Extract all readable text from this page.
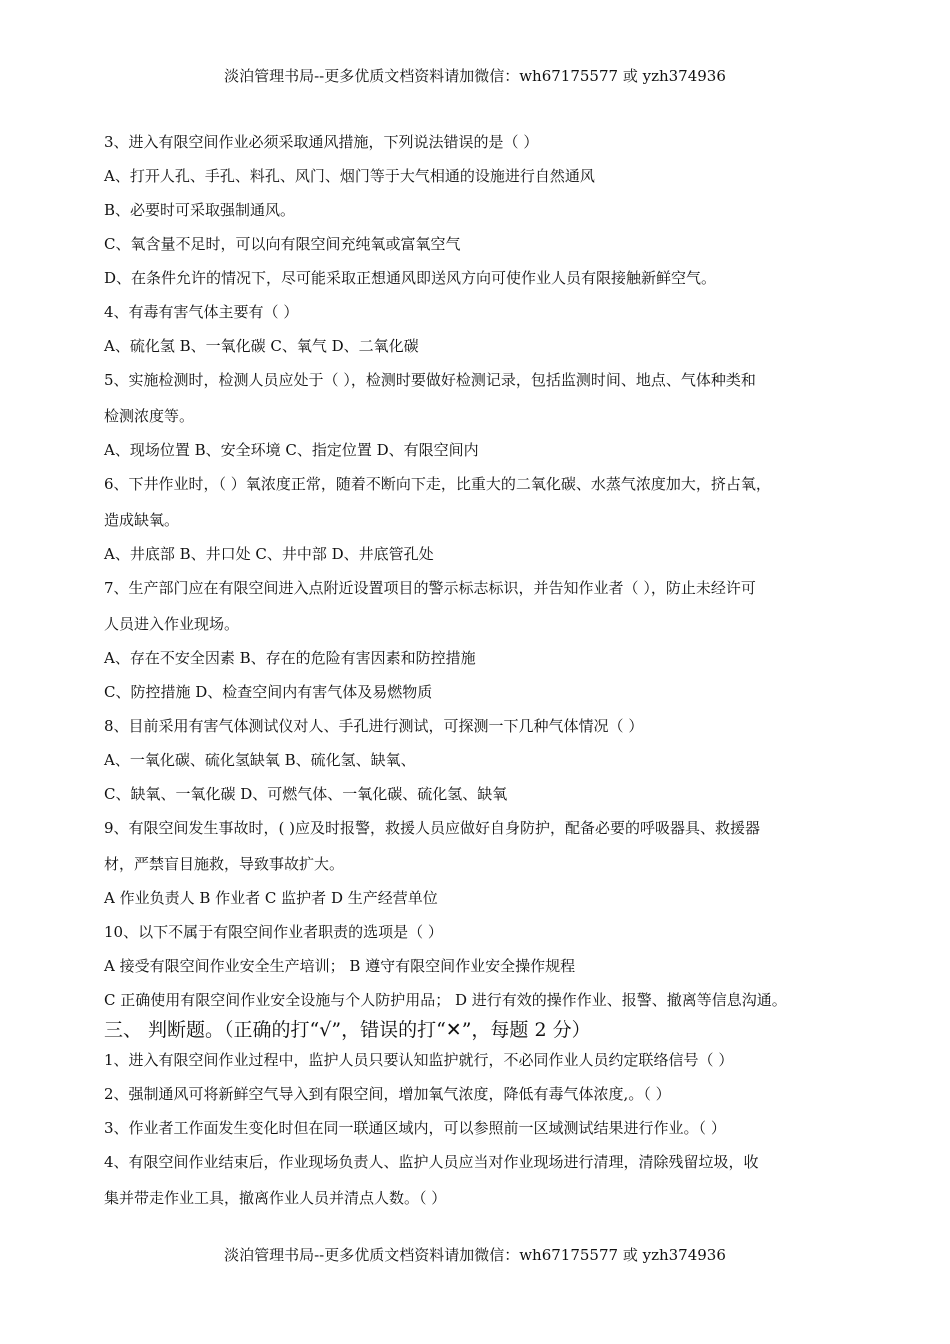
淡泊管理书局--更多优质文档资料请加微信：wh67175577 或 yzh374936
3、进入有限空间作业必须采取通风措施，下列说法错误的是（ ）
A、打开人孔、手孔、料孔、风门、烟门等于大气相通的设施进行自然通风
B、必要时可采取强制通风。
C、氧含量不足时，可以向有限空间充纯氧或富氧空气
D、在条件允许的情况下，尽可能采取正想通风即送风方向可使作业人员有限接触新鲜空气。
4、有毒有害气体主要有（ ）
A、硫化氢 B、一氧化碳 C、氧气 D、二氧化碳
5、实施检测时，检测人员应处于（ ），检测时要做好检测记录，包括监测时间、地点、气体种类和
检测浓度等。
A、现场位置 B、安全环境 C、指定位置 D、有限空间内
6、下井作业时，（ ）氧浓度正常，随着不断向下走，比重大的二氧化碳、水蒸气浓度加大，挤占氧，
造成缺氧。
A、井底部 B、井口处 C、井中部 D、井底管孔处
7、生产部门应在有限空间进入点附近设置项目的警示标志标识，并告知作业者（ ），防止未经许可
人员进入作业现场。
A、存在不安全因素 B、存在的危险有害因素和防控措施
C、防控措施 D、检查空间内有害气体及易燃物质
8、目前采用有害气体测试仪对人、手孔进行测试，可探测一下几种气体情况（ ）
A、一氧化碳、硫化氢缺氧 B、硫化氢、缺氧、
C、缺氧、一氧化碳 D、可燃气体、一氧化碳、硫化氢、缺氧
9、有限空间发生事故时，( )应及时报警，救援人员应做好自身防护，配备必要的呼吸器具、救援器
材，严禁盲目施救，导致事故扩大。
A 作业负责人 B 作业者 C 监护者 D 生产经营单位
10、以下不属于有限空间作业者职责的选项是（ ）
A 接受有限空间作业安全生产培训； B 遵守有限空间作业安全操作规程
C 正确使用有限空间作业安全设施与个人防护用品； D 进行有效的操作作业、报警、撤离等信息沟通。
三、 判断题。（正确的打“√”，错误的打“✕”，每题 2 分）
1、进入有限空间作业过程中，监护人员只要认知监护就行，不必同作业人员约定联络信号（ ）
2、强制通风可将新鲜空气导入到有限空间，增加氧气浓度，降低有毒气体浓度,。（ ）
3、作业者工作面发生变化时但在同一联通区域内，可以参照前一区域测试结果进行作业。（ ）
4、有限空间作业结束后，作业现场负责人、监护人员应当对作业现场进行清理，清除残留垃圾，收
集并带走作业工具，撤离作业人员并清点人数。（ ）
淡泊管理书局--更多优质文档资料请加微信：wh67175577 或 yzh374936
